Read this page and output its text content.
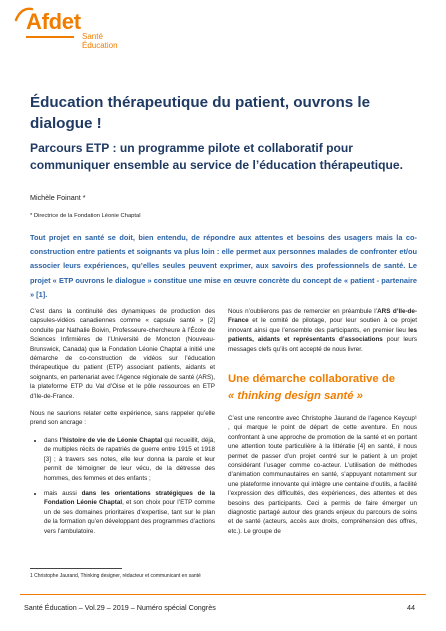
Afdet
Santé Éducation
Éducation thérapeutique du patient, ouvrons le dialogue !
Parcours ETP : un programme pilote et collaboratif pour communiquer ensemble au service de l’éducation thérapeutique.
Michèle Foinant *
* Directrice de la Fondation Léonie Chaptal
Tout projet en santé se doit, bien entendu, de répondre aux attentes et besoins des usagers mais la co-construction entre patients et soignants va plus loin : elle permet aux personnes malades de confronter et/ou associer leurs expériences, qu’elles seules peuvent exprimer, aux savoirs des professionnels de santé. Le projet « ETP ouvrons le dialogue » constitue une mise en œuvre concrète du concept de « patient - partenaire » [1].

C’est dans la continuité des dynamiques de production des capsules-vidéos canadiennes comme « capsule santé » [2] conduite par Nathalie Boivin, Professeure-chercheure à l’École de Sciences Infirmières de l’Université de Moncton (Nouveau-Brunswick, Canada) que la Fondation Léonie Chaptal a initié une démarche de co-construction de vidéos sur l’éducation thérapeutique du patient (ETP) associant patients, aidants et soignants, en partenariat avec l’Agence régionale de santé (ARS), la plateforme ETP du Val d’Oise et le pôle ressources en ETP d’Ile-de-France.

Nous ne saurions relater cette expérience, sans rappeler qu’elle prend son ancrage :

• dans l’histoire de vie de Léonie Chaptal qui recueillit, déjà, de multiples récits de rapatriés de guerre entre 1915 et 1918 [3] ; à travers ses notes, elle leur donna la parole et leur permit de témoigner de leur vécu, de la détresse des hommes, des femmes et des enfants ;
• mais aussi dans les orientations stratégiques de la Fondation Léonie Chaptal, et son choix pour l’ETP comme un de ses domaines prioritaires d’expertise, tant sur le plan de la formation qu’en développant des programmes d’actions vers l’ambulatoire.

Nous n’oublierons pas de remercier en préambule l’ARS d’Ile-de-France et le comité de pilotage, pour leur soutien à ce projet innovant ainsi que l’ensemble des participants, en premier lieu les patients, aidants et représentants d’associations pour leurs messages clefs qu’ils ont accepté de nous livrer.

Une démarche collaborative de
« thinking design santé »

C’est une rencontre avec Christophe Jaurand de l’agence Keycup¹ , qui marque le point de départ de cette aventure. En nous confrontant à une approche de promotion de la santé et en portant une attention toute particulière à la littératie [4] en santé, il nous permet de passer d’un projet centré sur le patient à un projet considérant l’usager comme co-acteur. L’utilisation de méthodes d’animation communautaires en santé, s’appuyant notamment sur une plateforme innovante qui intègre une centaine d’outils, a facilité l’expression des difficultés, des expériences, des attentes et des besoins des participants. Ceci a permis de faire émerger un diagnostic partagé autour des grands enjeux du parcours de soins et de santé (acteurs, accès aux droits, compréhension des offres, etc.). Le groupe de

1 Christophe Jaurand, Thinking designer, rédacteur et communicant en santé
Santé Éducation – Vol.29 – 2019 – Numéro spécial Congrès	44
